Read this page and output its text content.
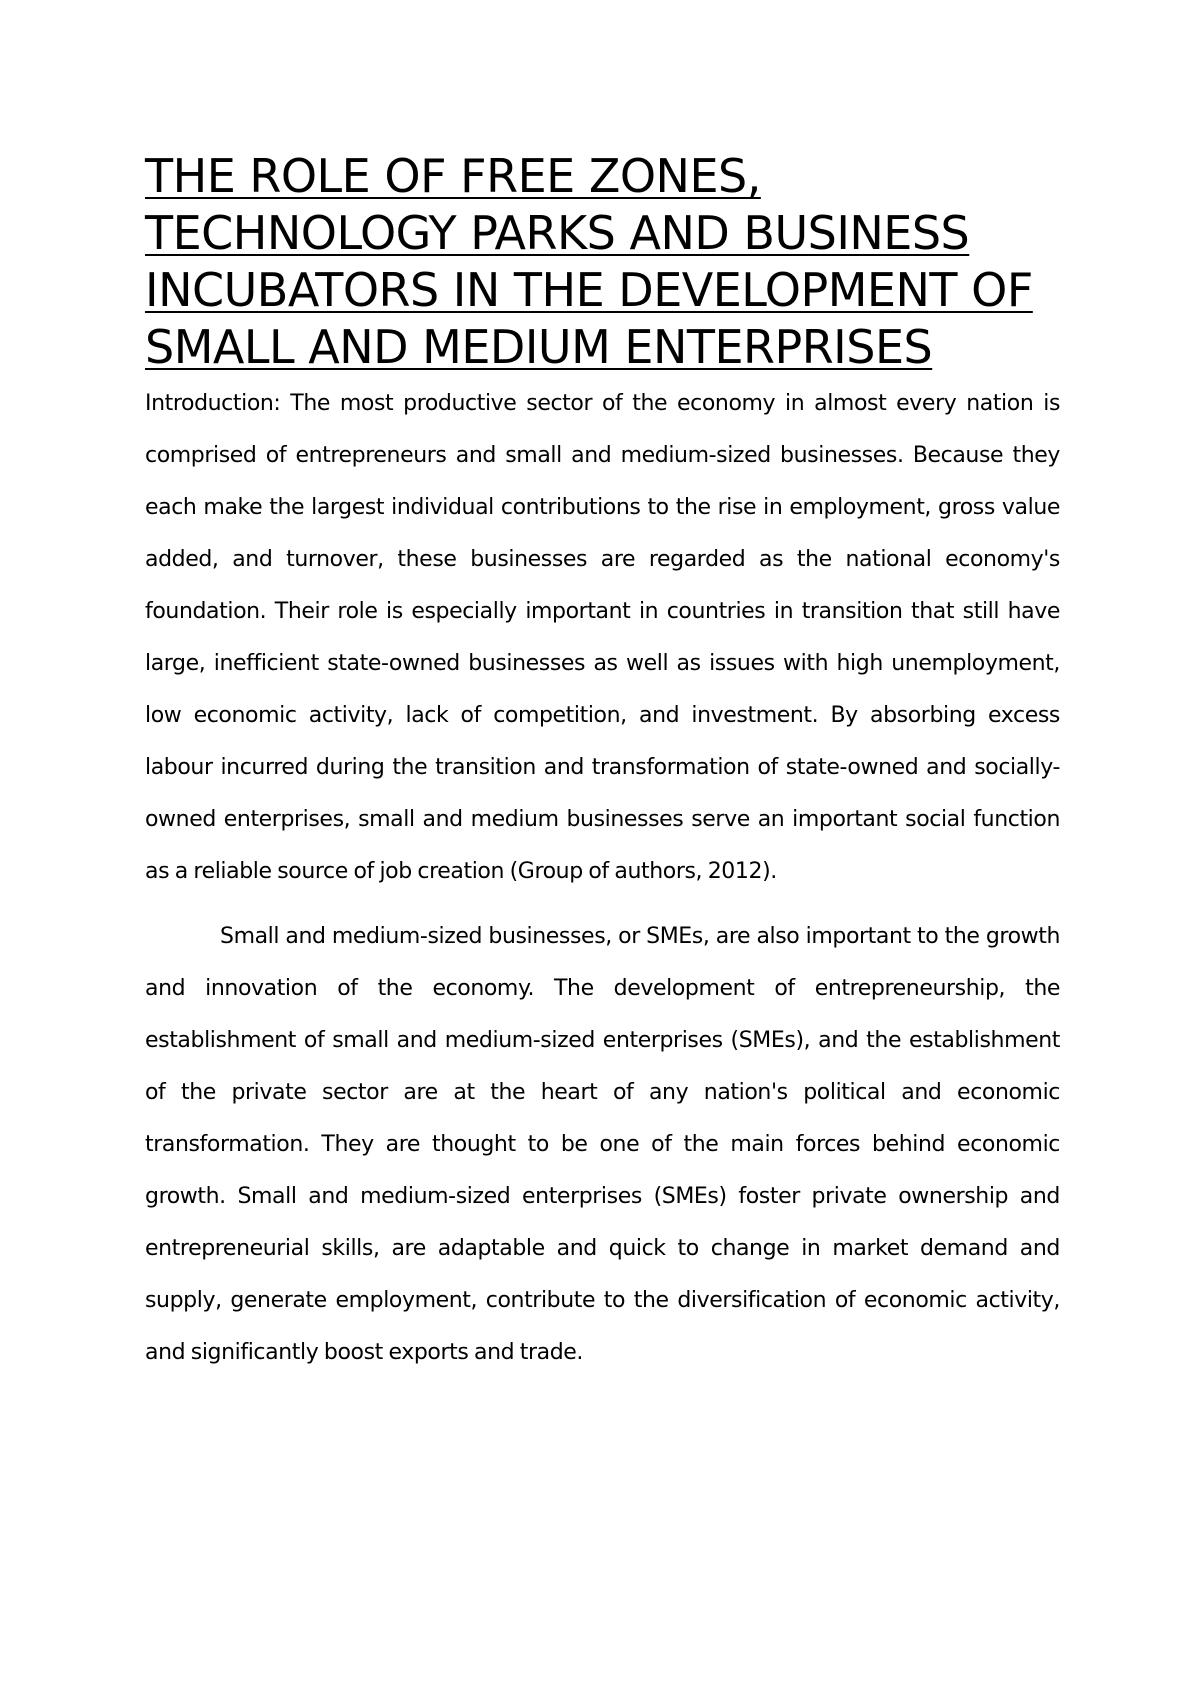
THE ROLE OF FREE ZONES, TECHNOLOGY PARKS AND BUSINESS INCUBATORS IN THE DEVELOPMENT OF SMALL AND MEDIUM ENTERPRISES

Introduction: The most productive sector of the economy in almost every nation is comprised of entrepreneurs and small and medium-sized businesses. Because they each make the largest individual contributions to the rise in employment, gross value added, and turnover, these businesses are regarded as the national economy's foundation. Their role is especially important in countries in transition that still have large, inefficient state-owned businesses as well as issues with high unemployment, low economic activity, lack of competition, and investment. By absorbing excess labour incurred during the transition and transformation of state-owned and socially-owned enterprises, small and medium businesses serve an important social function as a reliable source of job creation (Group of authors, 2012).

Small and medium-sized businesses, or SMEs, are also important to the growth and innovation of the economy. The development of entrepreneurship, the establishment of small and medium-sized enterprises (SMEs), and the establishment of the private sector are at the heart of any nation's political and economic transformation. They are thought to be one of the main forces behind economic growth. Small and medium-sized enterprises (SMEs) foster private ownership and entrepreneurial skills, are adaptable and quick to change in market demand and supply, generate employment, contribute to the diversification of economic activity, and significantly boost exports and trade.
